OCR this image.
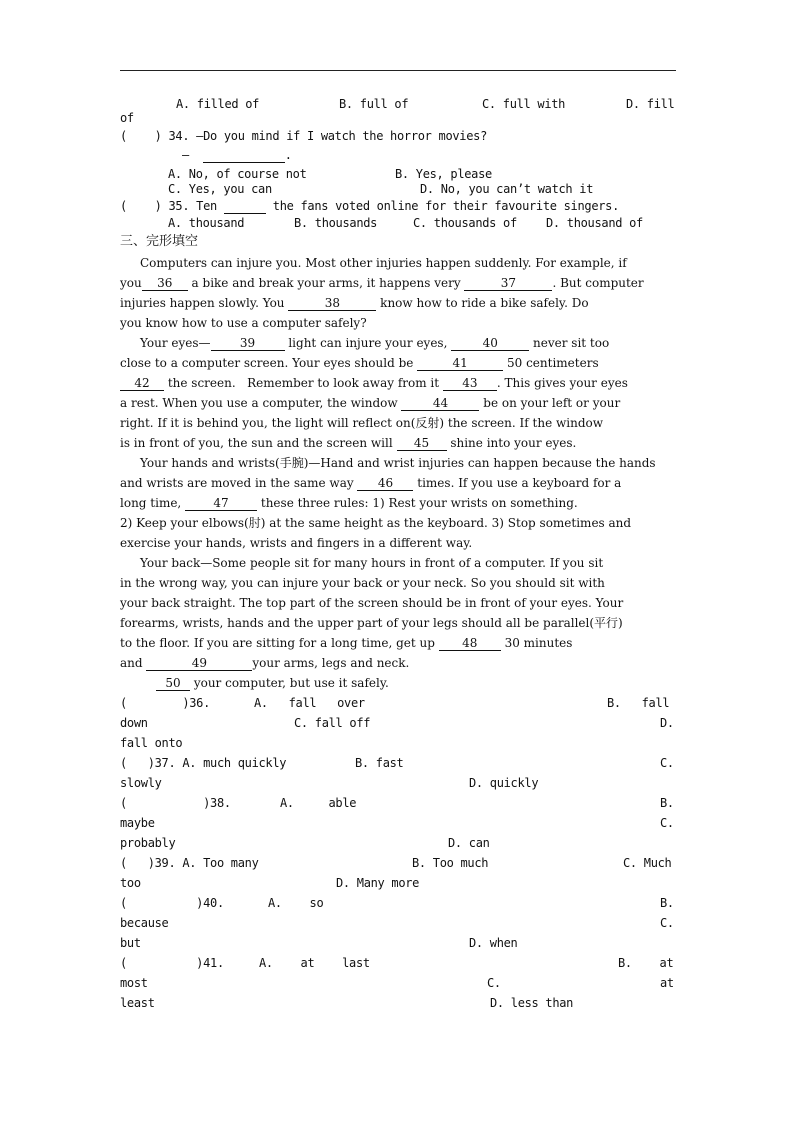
A. filled of	B. full of	C. full with	D. fill
of
(    ) 34. —Do you mind if I watch the horror movies?
—	.
A. No, of course not	B. Yes, please
C. Yes, you can	D. No, you can’t watch it
(    ) 35. Ten	the fans voted online for their favourite singers.
A. thousand	B. thousands	C. thousands of D. thousand of
三、完形填空
Computers can injure you. Most other injuries happen suddenly. For example, if
you 36 a bike and break your arms, it happens very	37	. But computer
injuries happen slowly. You	38	know how to ride a bike safely. Do
you know how to use a computer safely?
Your eyes— 39 light can injure your eyes,	40	never sit too
close to a computer screen. Your eyes should be	41	50 centimeters
42 the screen.   Remember to look away from it 43 . This gives your eyes
a rest. When you use a computer, the window	44	be on your left or your
right. If it is behind you, the light will reflect on(反射) the screen. If the window
is in front of you, the sun and the screen will 45 shine into your eyes.
Your hands and wrists(手腕)—Hand and wrist injuries can happen because the hands
and wrists are moved in the same way 46 times. If you use a keyboard for a
long time, 47 these three rules: 1) Rest your wrists on something.
2) Keep your elbows(肘) at the same height as the keyboard. 3) Stop sometimes and
exercise your hands, wrists and fingers in a different way.
Your back—Some people sit for many hours in front of a computer. If you sit
in the wrong way, you can injure your back or your neck. So you should sit with
your back straight. The top part of the screen should be in front of your eyes. Your
forearms, wrists, hands and the upper part of your legs should all be parallel(平行)
to the floor. If you are sitting for a long time, get up 48 30 minutes
and	49	your arms, legs and neck.
50 your computer, but use it safely.
(        )36.	A.   fall   over	B.   fall
down	C. fall off	D.
fall onto
(   )37. A. much quickly	B. fast	C.
slowly	D. quickly
(           )38.	A.     able	B.
maybe	C.
probably	D. can
(   )39. A. Too many	B. Too much	C. Much
too	D. Many more
(          )40.	A.    so	B.
because	C.
but	D. when
(          )41.	A.    at    last	B.    at
most	C.	at
least	D. less than
